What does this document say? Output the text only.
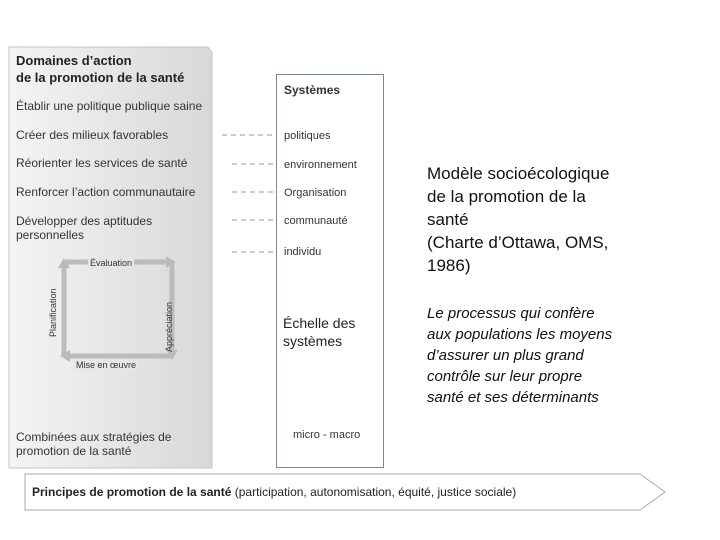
Domaines d’action
de la promotion de la santé
Établir une politique publique saine
Créer des milieux favorables
Réorienter les services de santé
Renforcer l’action communautaire
Développer des aptitudes personnelles
Évaluation
Planification	Appréciation
Mise en œuvre
Combinées aux stratégies de
promotion de la santé
Systèmes
politiques
environnement
Organisation
communauté
individu
Échelle des systèmes
micro - macro
Modèle socioécologique
de la promotion de la
santé
(Charte d’Ottawa, OMS,
1986)
Le processus qui confère
aux populations les moyens
d’assurer un plus grand
contrôle sur leur propre
santé et ses déterminants
Principes de promotion de la santé (participation, autonomisation, équité, justice sociale)
